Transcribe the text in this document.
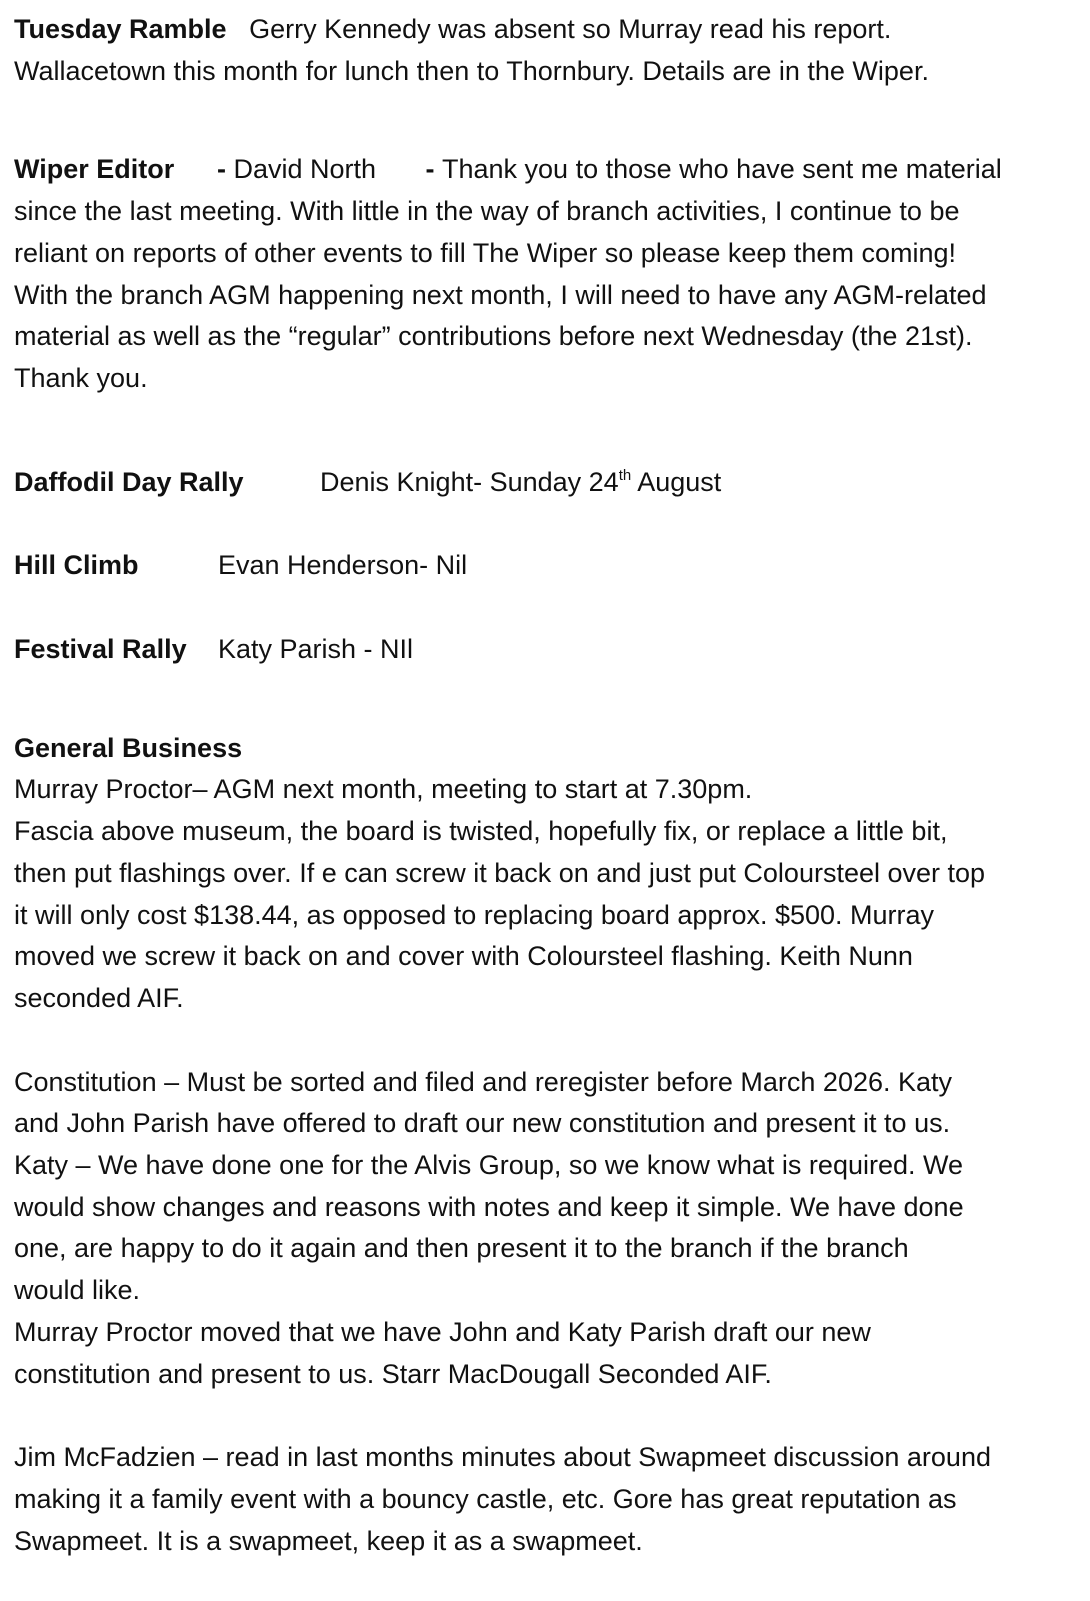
Tuesday Ramble Gerry Kennedy was absent so Murray read his report.

Wallacetown this month for lunch then to Thornbury. Details are in the Wiper.

Wiper Editor - David North - Thank you to those who have sent me material

since the last meeting. With little in the way of branch activities, I continue to be

reliant on reports of other events to fill The Wiper so please keep them coming!

With the branch AGM happening next month, I will need to have any AGM-related

material as well as the “regular” contributions before next Wednesday (the 21st).

Thank you.

Daffodil Day Rally	Denis Knight- Sunday 24th August

Hill Climb	Evan Henderson- Nil

Festival Rally	Katy Parish - NIl

General Business

Murray Proctor– AGM next month, meeting to start at 7.30pm.

Fascia above museum, the board is twisted, hopefully fix, or replace a little bit,

then put flashings over. If e can screw it back on and just put Coloursteel over top

it will only cost $138.44, as opposed to replacing board approx. $500. Murray

moved we screw it back on and cover with Coloursteel flashing. Keith Nunn

seconded AIF.

Constitution – Must be sorted and filed and reregister before March 2026. Katy

and John Parish have offered to draft our new constitution and present it to us.

Katy – We have done one for the Alvis Group, so we know what is required. We

would show changes and reasons with notes and keep it simple. We have done

one, are happy to do it again and then present it to the branch if the branch

would like.

Murray Proctor moved that we have John and Katy Parish draft our new

constitution and present to us. Starr MacDougall Seconded AIF.

Jim McFadzien – read in last months minutes about Swapmeet discussion around

making it a family event with a bouncy castle, etc. Gore has great reputation as

Swapmeet. It is a swapmeet, keep it as a swapmeet.
